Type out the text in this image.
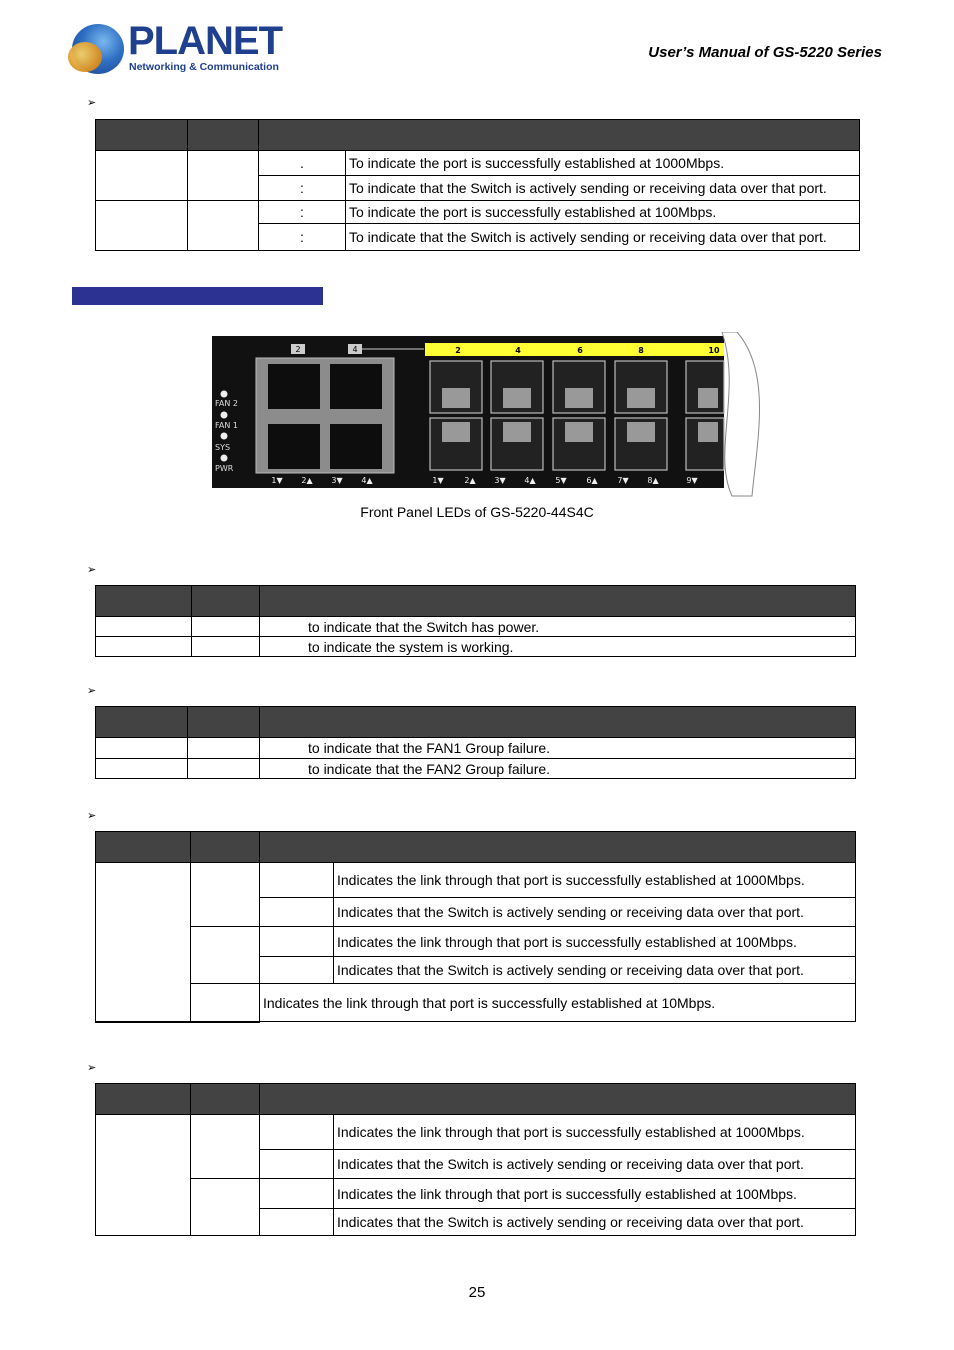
PLANET
Networking & Communication
User’s Manual of GS-5220 Series
➢

		.	To indicate the port is successfully established at 1000Mbps.
		:	To indicate that the Switch is actively sending or receiving data over that port.
		:	To indicate the port is successfully established at 100Mbps.
		:	To indicate that the Switch is actively sending or receiving data over that port.
2	4
FAN 2
FAN 1
SYS
PWR
1▼ 2▲ 3▼ 4▲
2	4	6	8	10
1▼	2▲ 3▼ 4▲ 5▼ 6▲ 7▼ 8▲	9▼
Front Panel LEDs of GS-5220-44S4C
➢

		to indicate that the Switch has power.
		to indicate the system is working.
➢

		to indicate that the FAN1 Group failure.
		to indicate that the FAN2 Group failure.
➢

			Indicates the link through that port is successfully established at 1000Mbps.
			Indicates that the Switch is actively sending or receiving data over that port.
			Indicates the link through that port is successfully established at 100Mbps.
			Indicates that the Switch is actively sending or receiving data over that port.
		Indicates the link through that port is successfully established at 10Mbps.	
➢

			Indicates the link through that port is successfully established at 1000Mbps.
			Indicates that the Switch is actively sending or receiving data over that port.
			Indicates the link through that port is successfully established at 100Mbps.
			Indicates that the Switch is actively sending or receiving data over that port.
25
